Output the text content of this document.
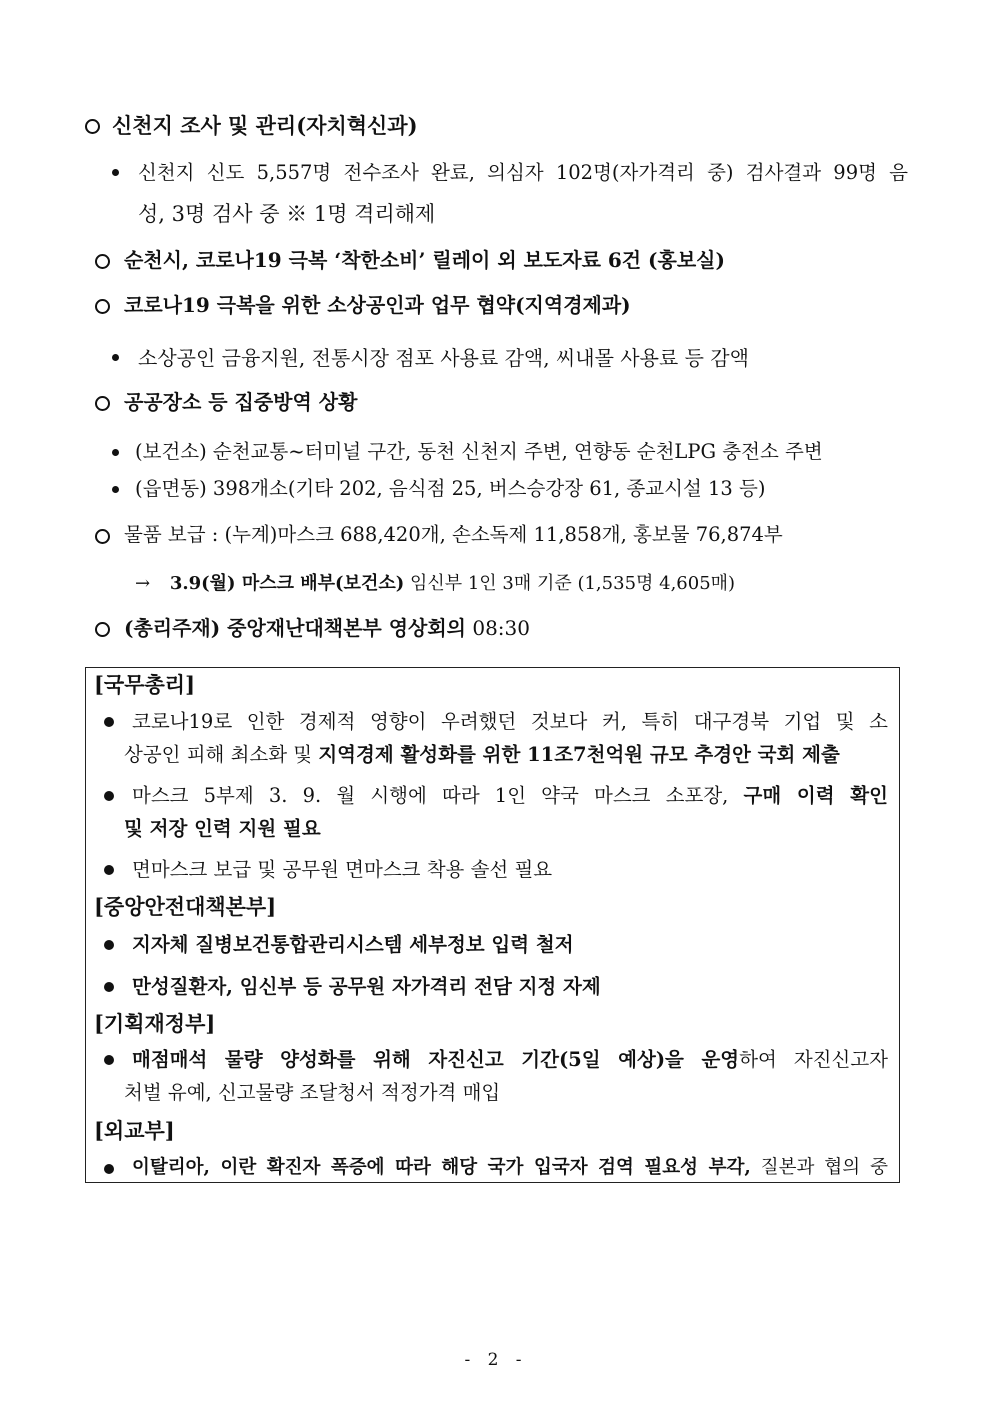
신천지 조사 및 관리(자치혁신과)
신천지 신도 5,557명 전수조사 완료, 의심자 102명(자가격리 중) 검사결과 99명 음
성, 3명 검사 중 ※ 1명 격리해제
순천시, 코로나19 극복 ‘착한소비’ 릴레이 외 보도자료 6건 (홍보실)
코로나19 극복을 위한 소상공인과 업무 협약(지역경제과)
소상공인 금융지원, 전통시장 점포 사용료 감액, 씨내몰 사용료 등 감액
공공장소 등 집중방역 상황
(보건소) 순천교통~터미널 구간, 동천 신천지 주변, 연향동 순천LPG 충전소 주변
(읍면동) 398개소(기타 202, 음식점 25, 버스승강장 61, 종교시설 13 등)
물품 보급 : (누계)마스크 688,420개, 손소독제 11,858개, 홍보물 76,874부
→ 3.9(월) 마스크 배부(보건소) 임신부 1인 3매 기준 (1,535명 4,605매)
(총리주재) 중앙재난대책본부 영상회의 08:30
[국무총리]
코로나19로 인한 경제적 영향이 우려했던 것보다 커, 특히 대구경북 기업 및 소
상공인 피해 최소화 및 지역경제 활성화를 위한 11조7천억원 규모 추경안 국회 제출
마스크 5부제 3. 9. 월 시행에 따라 1인 약국 마스크 소포장, 구매 이력 확인
및 저장 인력 지원 필요
면마스크 보급 및 공무원 면마스크 착용 솔선 필요
[중앙안전대책본부]
지자체 질병보건통합관리시스템 세부정보 입력 철저
만성질환자, 임신부 등 공무원 자가격리 전담 지정 자제
[기획재정부]
매점매석 물량 양성화를 위해 자진신고 기간(5일 예상)을 운영하여 자진신고자
처벌 유예, 신고물량 조달청서 적정가격 매입
[외교부]
이탈리아, 이란 확진자 폭증에 따라 해당 국가 입국자 검역 필요성 부각, 질본과 협의 중
- 2 -
